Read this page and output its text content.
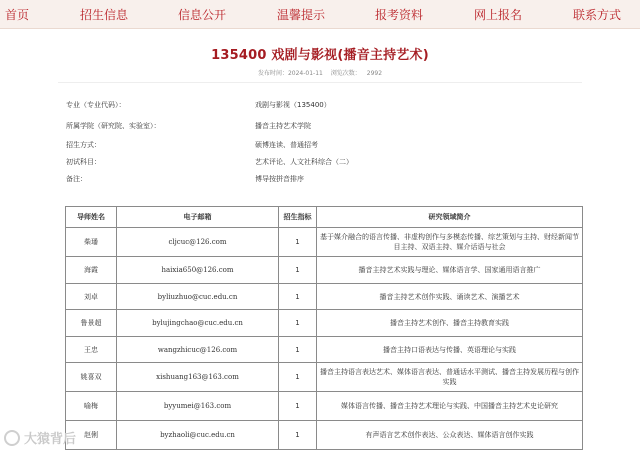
首页	招生信息	信息公开	温馨提示	报考资料	网上报名	联系方式
135400 戏剧与影视(播音主持艺术)
发布时间：2024-01-11 浏览次数： 2992
专业（专业代码）：	戏剧与影视（135400）
所属学院（研究院、实验室）：	播音主持艺术学院
招生方式：	硕博连读、普通招考
初试科目：	艺术评论、人文社科综合（二）
备注：	博导按拼音排序
导师姓名	电子邮箱	招生指标	研究领域简介
柴璠	cljcuc@126.com	1	基于媒介融合的语言传播、非虚构创作与多模态传播、综艺策划与主持、财经新闻节目主持、双语主持、媒介话语与社会
海霞	haixia650@126.com	1	播音主持艺术实践与理论、媒体语言学、国家通用语言推广
刘卓	byliuzhuo@cuc.edu.cn	1	播音主持艺术创作实践、诵读艺术、演播艺术
鲁景超	bylujingchao@cuc.edu.cn	1	播音主持艺术创作、播音主持教育实践
王忠	wangzhicuc@126.com	1	播音主持口语表达与传播、英语理论与实践
姚喜双	xishuang163@163.com	1	播音主持语言表达艺术、媒体语言表达、普通话水平测试、播音主持发展历程与创作实践
喻梅	byyumei@163.com	1	媒体语言传播、播音主持艺术理论与实践、中国播音主持艺术史论研究
赵俐	byzhaoli@cuc.edu.cn	1	有声语言艺术创作表达、公众表达、媒体语言创作实践
大猿背后
